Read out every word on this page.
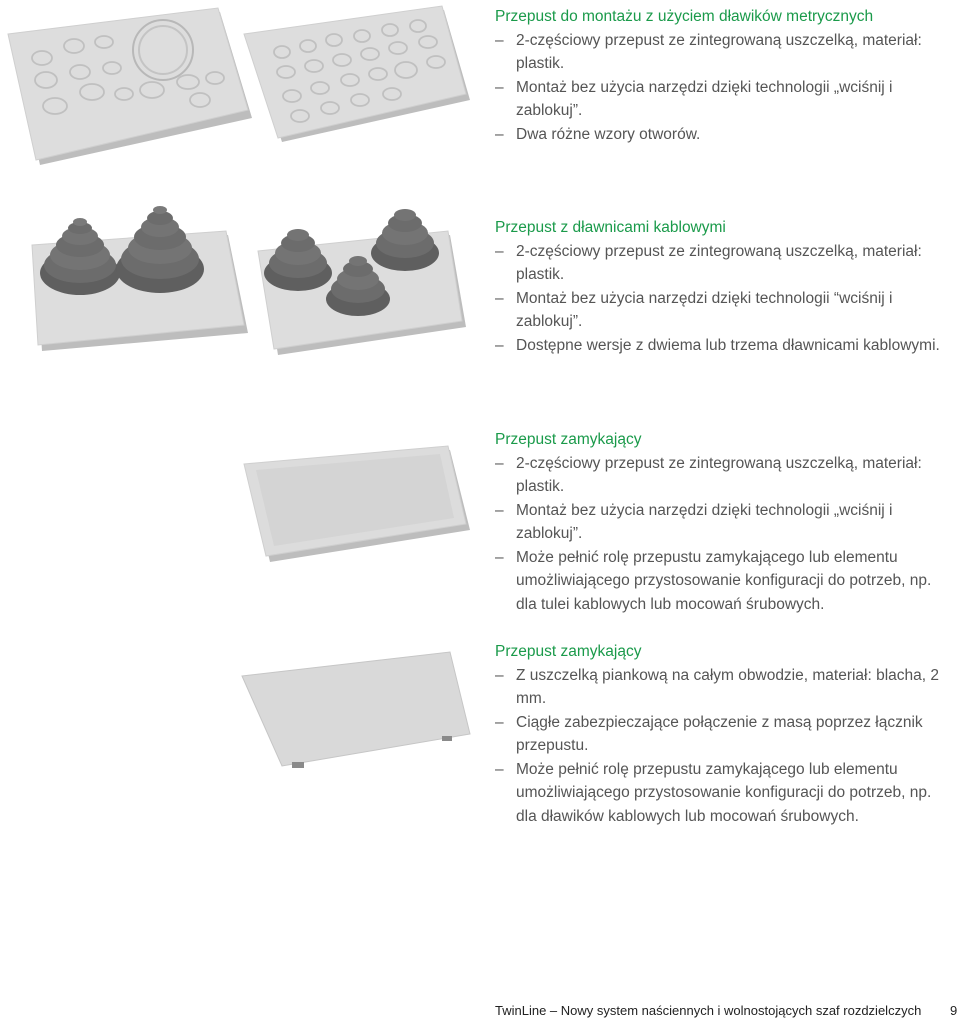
Przepust do montażu z użyciem dławików metrycznych
– 2-częściowy przepust ze zintegrowaną uszczelką, materiał: plastik.
– Montaż bez użycia narzędzi dzięki technologii „wciśnij i zablokuj”.
– Dwa różne wzory otworów.
Przepust z dławnicami kablowymi
– 2-częściowy przepust ze zintegrowaną uszczelką, materiał: plastik.
– Montaż bez użycia narzędzi dzięki technologii “wciśnij i zablokuj”.
– Dostępne wersje z dwiema lub trzema dławnicami kablowymi.
Przepust zamykający
– 2-częściowy przepust ze zintegrowaną uszczelką, materiał: plastik.
– Montaż bez użycia narzędzi dzięki technologii „wciśnij i zablokuj”.
– Może pełnić rolę przepustu zamykającego lub elementu umożliwiającego przystosowanie konfiguracji do potrzeb, np. dla tulei kablowych lub mocowań śrubowych.
Przepust zamykający
– Z uszczelką piankową na całym obwodzie, materiał: blacha, 2 mm.
– Ciągłe zabezpieczające połączenie z masą poprzez łącznik przepustu.
– Może pełnić rolę przepustu zamykającego lub elementu umożliwiającego przystosowanie konfiguracji do potrzeb, np. dla dławików kablowych lub mocowań śrubowych.
TwinLine – Nowy system naściennych i wolnostojących szaf rozdzielczych 9
